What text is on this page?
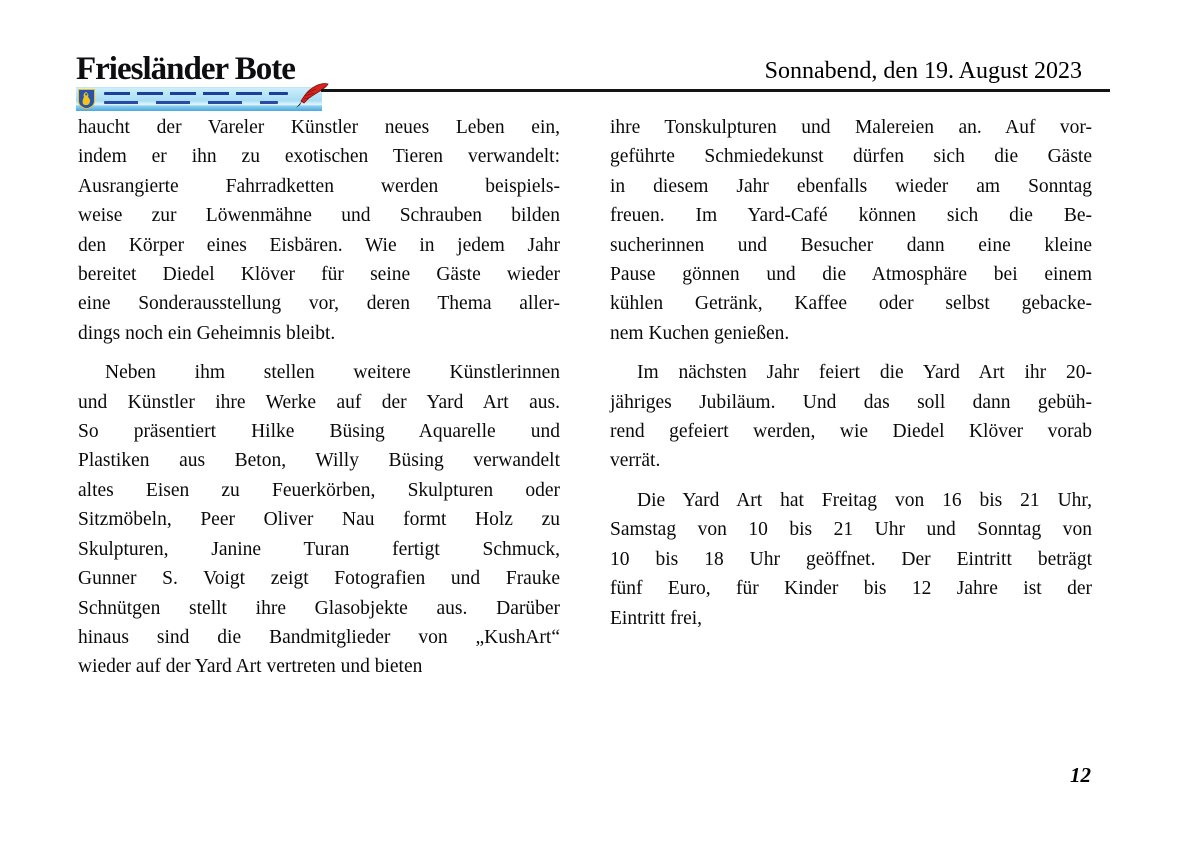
Friesländer Bote	Sonnabend, den 19. August 2023
haucht der Vareler Künstler neues Leben ein,
indem er ihn zu exotischen Tieren verwandelt:
Ausrangierte Fahrradketten werden beispiels-
weise zur Löwenmähne und Schrauben bilden
den Körper eines Eisbären. Wie in jedem Jahr
bereitet Diedel Klöver für seine Gäste wieder
eine Sonderausstellung vor, deren Thema aller-
dings noch ein Geheimnis bleibt.
Neben ihm stellen weitere Künstlerinnen
und Künstler ihre Werke auf der Yard Art aus.
So präsentiert Hilke Büsing Aquarelle und
Plastiken aus Beton, Willy Büsing verwandelt
altes Eisen zu Feuerkörben, Skulpturen oder
Sitzmöbeln, Peer Oliver Nau formt Holz zu
Skulpturen, Janine Turan fertigt Schmuck,
Gunner S. Voigt zeigt Fotografien und Frauke
Schnütgen stellt ihre Glasobjekte aus. Darüber
hinaus sind die Bandmitglieder von „KushArt“
wieder auf der Yard Art vertreten und bieten
ihre Tonskulpturen und Malereien an. Auf vor-
geführte Schmiedekunst dürfen sich die Gäste
in diesem Jahr ebenfalls wieder am Sonntag
freuen. Im Yard-Café können sich die Be-
sucherinnen und Besucher dann eine kleine
Pause gönnen und die Atmosphäre bei einem
kühlen Getränk, Kaffee oder selbst gebacke-
nem Kuchen genießen.
Im nächsten Jahr feiert die Yard Art ihr 20-
jähriges Jubiläum. Und das soll dann gebüh-
rend gefeiert werden, wie Diedel Klöver vorab
verrät.
Die Yard Art hat Freitag von 16 bis 21 Uhr,
Samstag von 10 bis 21 Uhr und Sonntag von
10 bis 18 Uhr geöffnet. Der Eintritt beträgt
fünf Euro, für Kinder bis 12 Jahre ist der
Eintritt frei,
12
